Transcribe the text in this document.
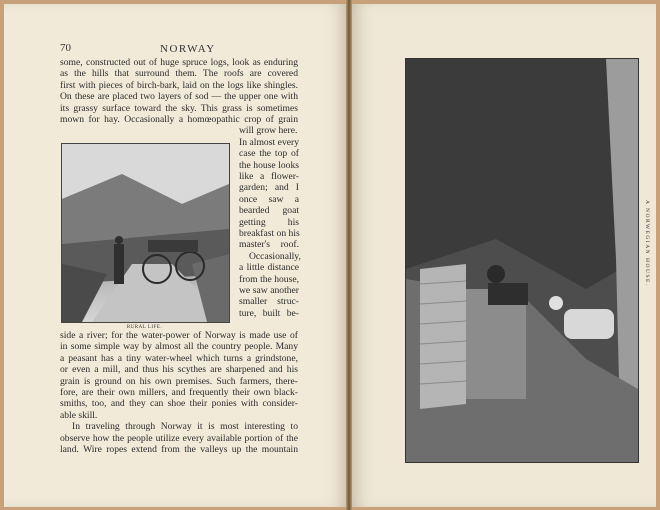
70	NORWAY
some, constructed out of huge spruce logs, look as enduring
as the hills that surround them. The roofs are covered
first with pieces of birch-bark, laid on the logs like shingles.
On these are placed two layers of sod — the upper one with
its grassy surface toward the sky. This grass is sometimes
mown for hay. Occasionally a homœopathic crop of grain
will grow here.
In almost every
case the top of
the house looks
like a flower-
garden; and I
once saw a
bearded goat
getting his
breakfast on his
master's roof.
Occasionally,
a little distance
from the house,
we saw another
smaller struc-
ture, built be-
side a river; for the water-power of Norway is made use of
in some simple way by almost all the country people. Many
a peasant has a tiny water-wheel which turns a grindstone,
or even a mill, and thus his scythes are sharpened and his
grain is ground on his own premises. Such farmers, there-
fore, are their own millers, and frequently their own black-
smiths, too, and they can shoe their ponies with consider-
able skill.
In traveling through Norway it is most interesting to
observe how the people utilize every available portion of the
land. Wire ropes extend from the valleys up the mountain
RURAL LIFE.
A NORWEGIAN HOUSE.
